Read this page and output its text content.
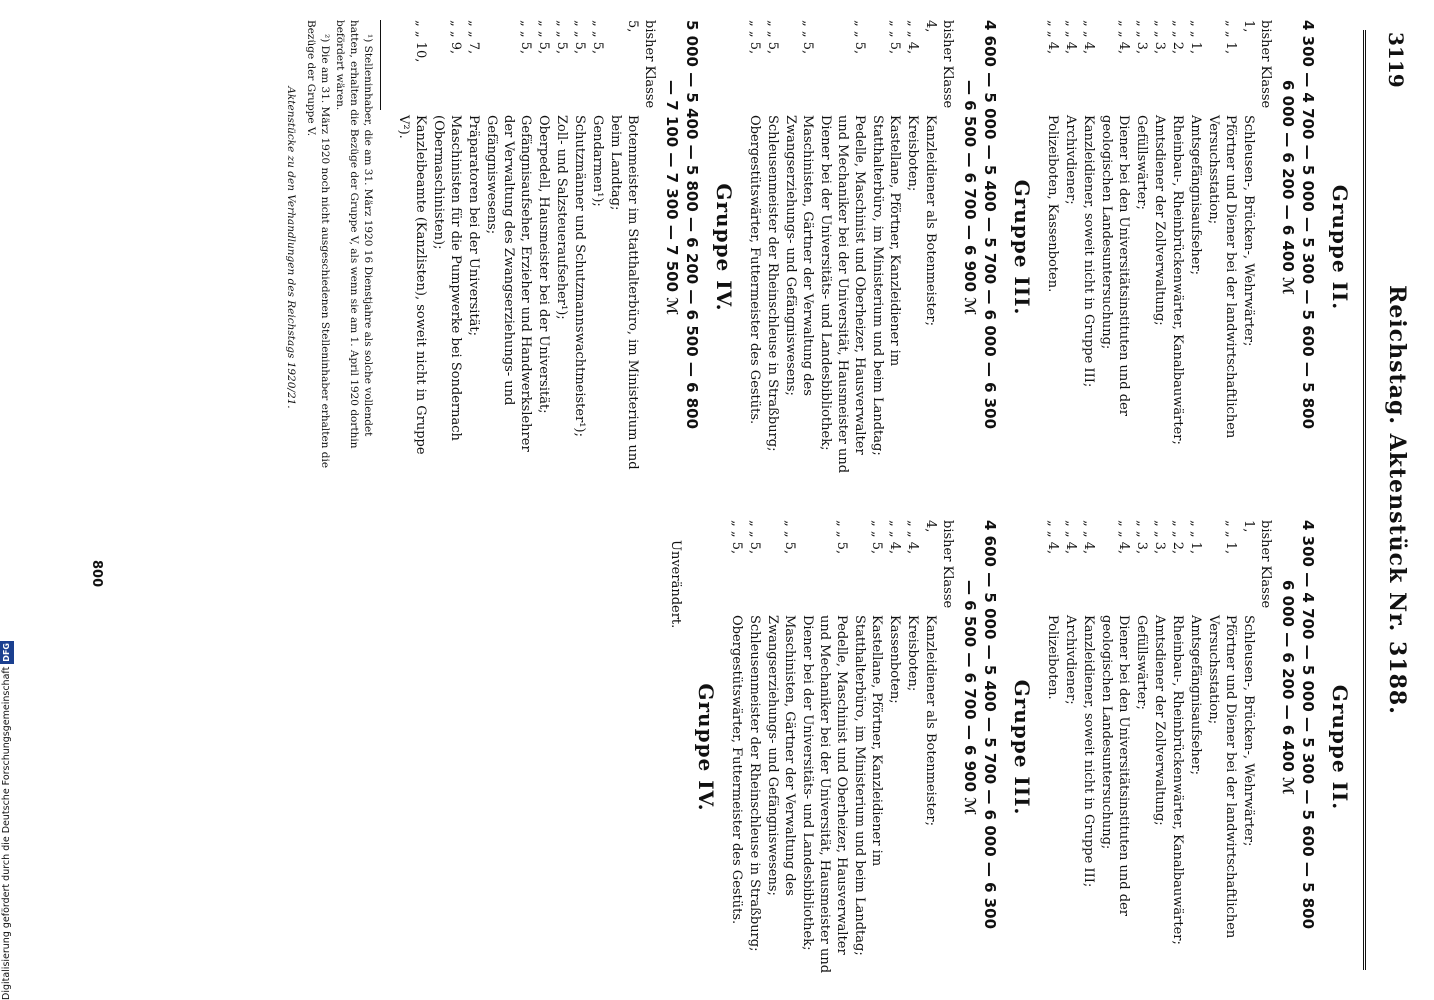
3119
Reichstag. Aktenstück Nr. 3188.
Gruppe II.
4 300 — 4 700 — 5 000 — 5 300 — 5 600 — 5 800
6 000 — 6 200 — 6 400 ℳ
bisher Klasse 1,Schleusen-, Brücken-, Wehrwärter;
„ „ 1,Pförtner und Diener bei der landwirtschaftlichen Versuchsstation;
„ „ 1,Amtsgefängnisaufseher;
„ „ 2,Rheinbau-, Rheinbrückenwärter, Kanalbauwärter;
„ „ 3,Amtsdiener der Zollverwaltung;
„ „ 3,Gefüllswärter;
„ „ 4,Diener bei den Universitätsinstituten und der geologischen Landesuntersuchung;
„ „ 4,Kanzleidiener, soweit nicht in Gruppe III;
„ „ 4,Archivdiener;
„ „ 4,Polizeiboten, Kassenboten.
Gruppe III.
4 600 — 5 000 — 5 400 — 5 700 — 6 000 — 6 300
— 6 500 — 6 700 — 6 900 ℳ
bisher Klasse 4,Kanzleidiener als Botenmeister;
„ „ 4,Kreisboten;
„ „ 5,Kastellane, Pförtner, Kanzleidiener im Statthalterbüro, im Ministerium und beim Landtag;
„ „ 5,Pedelle, Maschinist und Oberheizer, Hausverwalter und Mechaniker bei der Universität, Hausmeister und Diener bei der Universitäts- und Landesbibliothek;
„ „ 5,Maschinisten, Gärtner der Verwaltung des Zwangserziehungs- und Gefängniswesens;
„ „ 5,Schleusenmeister der Rheinschleuse in Straßburg;
„ „ 5,Obergestütswärter, Futtermeister des Gestüts.
Gruppe IV.
5 000 — 5 400 — 5 800 — 6 200 — 6 500 — 6 800
— 7 100 — 7 300 — 7 500 ℳ
bisher Klasse 5,Botenmeister im Statthalterbüro, im Ministerium und beim Landtag;
„ „ 5,Gendarmen¹);
„ „ 5,Schutzmänner und Schutzmannswachtmeister¹);
„ „ 5,Zoll- und Salzsteueraufseher¹);
„ „ 5,Oberpedell, Hausmeister bei der Universität;
„ „ 5,Gefängnisaufseher, Erzieher und Handwerkslehrer der Verwaltung des Zwangserziehungs- und Gefängniswesens;
„ „ 7,Präparatoren bei der Universität;
„ „ 9,Maschinisten für die Pumpwerke bei Sondernach (Obermaschinisten);
„ „ 10,Kanzleibeamte (Kanzlisten), soweit nicht in Gruppe V²).
¹) Stelleninhaber, die am 31. März 1920 16 Dienstjahre als solche vollendet hatten, erhalten die Bezüge der Gruppe V, als wenn sie am 1. April 1920 dorthin befördert wären.
²) Die am 31. März 1920 noch nicht ausgeschiedenen Stelleninhaber erhalten die Bezüge der Gruppe V.
Aktenstücke zu den Verhandlungen des Reichstags 1920/21.
Gruppe II.
4 300 — 4 700 — 5 000 — 5 300 — 5 600 — 5 800
6 000 — 6 200 — 6 400 ℳ
bisher Klasse 1,Schleusen-, Brücken-, Wehrwärter;
„ „ 1,Pförtner und Diener bei der landwirtschaftlichen Versuchsstation;
„ „ 1,Amtsgefängnisaufseher;
„ „ 2,Rheinbau-, Rheinbrückenwärter, Kanalbauwärter;
„ „ 3,Amtsdiener der Zollverwaltung;
„ „ 3,Gefüllswärter;
„ „ 4,Diener bei den Universitätsinstituten und der geologischen Landesuntersuchung;
„ „ 4,Kanzleidiener, soweit nicht in Gruppe III;
„ „ 4,Archivdiener;
„ „ 4,Polizeiboten.
Gruppe III.
4 600 — 5 000 — 5 400 — 5 700 — 6 000 — 6 300
— 6 500 — 6 700 — 6 900 ℳ
bisher Klasse 4,Kanzleidiener als Botenmeister;
„ „ 4,Kreisboten;
„ „ 4,Kassenboten;
„ „ 5,Kastellane, Pförtner, Kanzleidiener im Statthalterbüro, im Ministerium und beim Landtag;
„ „ 5,Pedelle, Maschinist und Oberheizer, Hausverwalter und Mechaniker bei der Universität, Hausmeister und Diener bei der Universitäts- und Landesbibliothek;
„ „ 5,Maschinisten, Gärtner der Verwaltung des Zwangserziehungs- und Gefängniswesens;
„ „ 5,Schleusenmeister der Rheinschleuse in Straßburg;
„ „ 5,Obergestütswärter, Futtermeister des Gestüts.
Gruppe IV.
Unverändert.
800
Digitalisierung gefördert durch die Deutsche ForschungsgemeinschaftDFG
